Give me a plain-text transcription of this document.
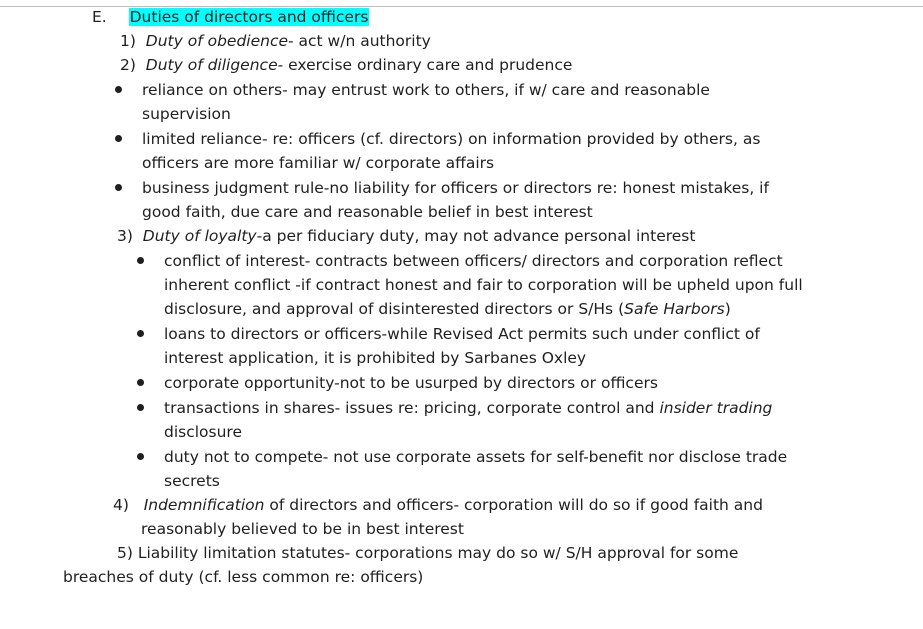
E. Duties of directors and officers
1) Duty of obedience- act w/n authority
2) Duty of diligence- exercise ordinary care and prudence
reliance on others- may entrust work to others, if w/ care and reasonable
supervision
limited reliance- re: officers (cf. directors) on information provided by others, as
officers are more familiar w/ corporate affairs
business judgment rule-no liability for officers or directors re: honest mistakes, if
good faith, due care and reasonable belief in best interest
3) Duty of loyalty-a per fiduciary duty, may not advance personal interest
conflict of interest- contracts between officers/ directors and corporation reflect
inherent conflict -if contract honest and fair to corporation will be upheld upon full
disclosure, and approval of disinterested directors or S/Hs (Safe Harbors)
loans to directors or officers-while Revised Act permits such under conflict of
interest application, it is prohibited by Sarbanes Oxley
corporate opportunity-not to be usurped by directors or officers
transactions in shares- issues re: pricing, corporate control and insider trading
disclosure
duty not to compete- not use corporate assets for self-benefit nor disclose trade
secrets
4) Indemnification of directors and officers- corporation will do so if good faith and
reasonably believed to be in best interest
5) Liability limitation statutes- corporations may do so w/ S/H approval for some
breaches of duty (cf. less common re: officers)
